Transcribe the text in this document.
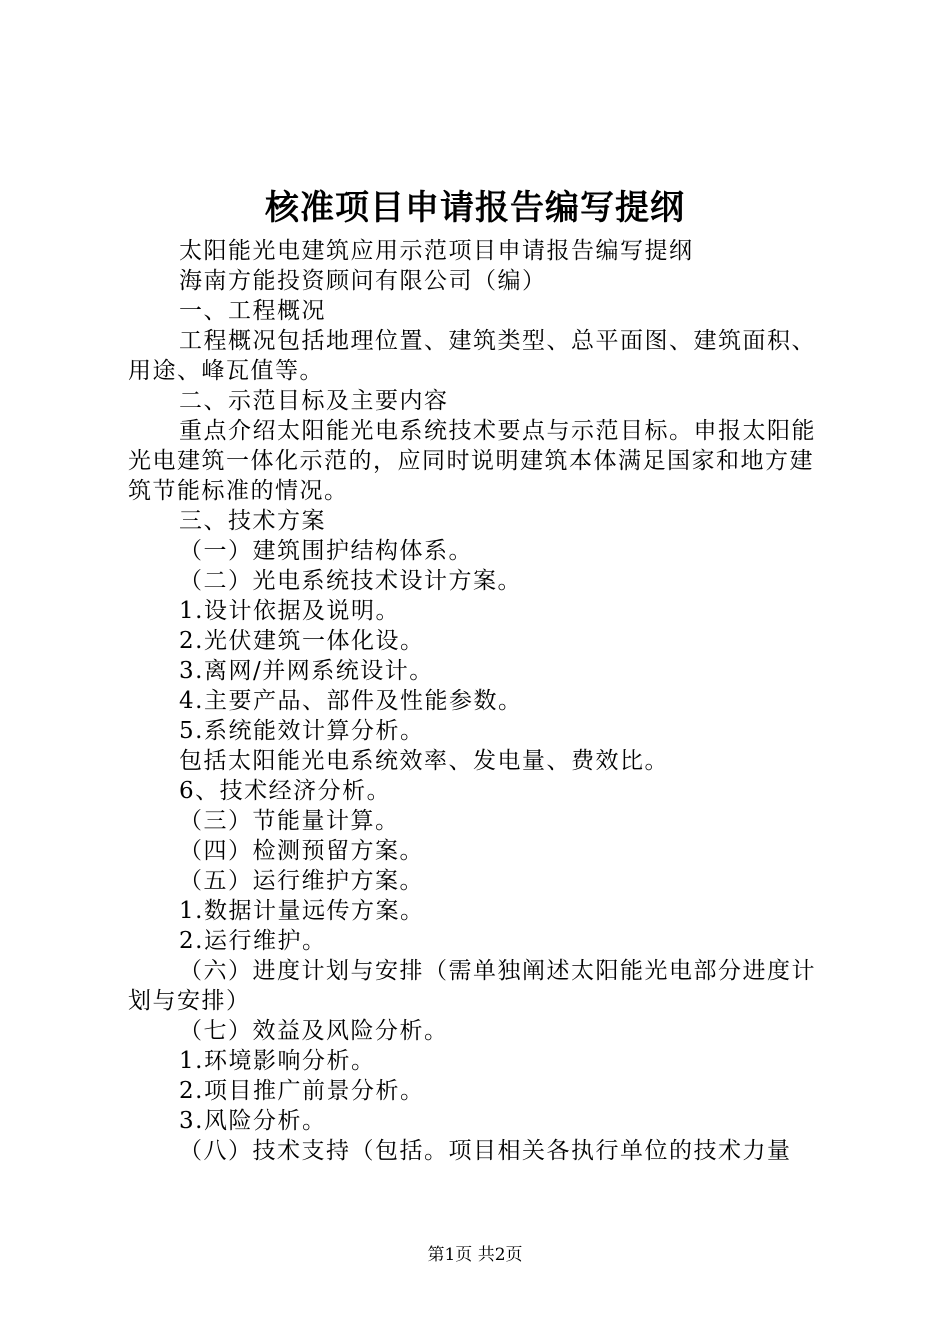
核准项目申请报告编写提纲

太阳能光电建筑应用示范项目申请报告编写提纲

海南方能投资顾问有限公司（编）

一、工程概况

工程概况包括地理位置、建筑类型、总平面图、建筑面积、用途、峰瓦值等。

二、示范目标及主要内容

重点介绍太阳能光电系统技术要点与示范目标。申报太阳能光电建筑一体化示范的，应同时说明建筑本体满足国家和地方建筑节能标准的情况。

三、技术方案

（一）建筑围护结构体系。

（二）光电系统技术设计方案。

1.设计依据及说明。

2.光伏建筑一体化设。

3.离网/并网系统设计。

4.主要产品、部件及性能参数。

5.系统能效计算分析。

包括太阳能光电系统效率、发电量、费效比。

6、技术经济分析。

（三）节能量计算。

（四）检测预留方案。

（五）运行维护方案。

1.数据计量远传方案。

2.运行维护。

（六）进度计划与安排（需单独阐述太阳能光电部分进度计划与安排）

（七）效益及风险分析。

1.环境影响分析。

2.项目推广前景分析。

3.风险分析。

（八）技术支持（包括。项目相关各执行单位的技术力量

第1页 共2页
